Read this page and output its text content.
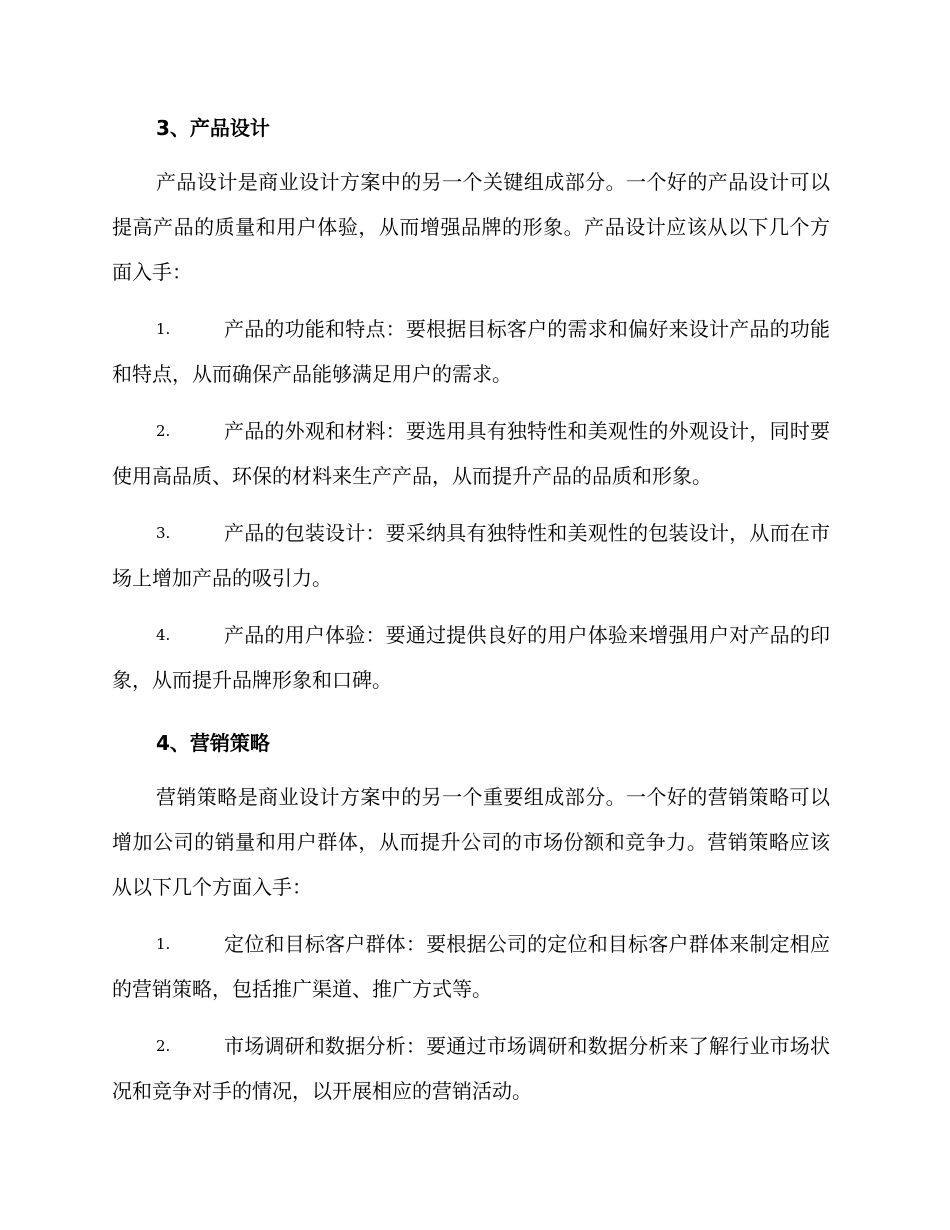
3、产品设计
产品设计是商业设计方案中的另一个关键组成部分。一个好的产品设计可以提高产品的质量和用户体验，从而增强品牌的形象。产品设计应该从以下几个方面入手：
1.	产品的功能和特点：要根据目标客户的需求和偏好来设计产品的功能和特点，从而确保产品能够满足用户的需求。
2.	产品的外观和材料：要选用具有独特性和美观性的外观设计，同时要使用高品质、环保的材料来生产产品，从而提升产品的品质和形象。
3.	产品的包装设计：要采纳具有独特性和美观性的包装设计，从而在市场上增加产品的吸引力。
4.	产品的用户体验：要通过提供良好的用户体验来增强用户对产品的印象，从而提升品牌形象和口碑。
4、营销策略
营销策略是商业设计方案中的另一个重要组成部分。一个好的营销策略可以增加公司的销量和用户群体，从而提升公司的市场份额和竞争力。营销策略应该从以下几个方面入手：
1.	定位和目标客户群体：要根据公司的定位和目标客户群体来制定相应的营销策略，包括推广渠道、推广方式等。
2.	市场调研和数据分析：要通过市场调研和数据分析来了解行业市场状况和竞争对手的情况，以开展相应的营销活动。
